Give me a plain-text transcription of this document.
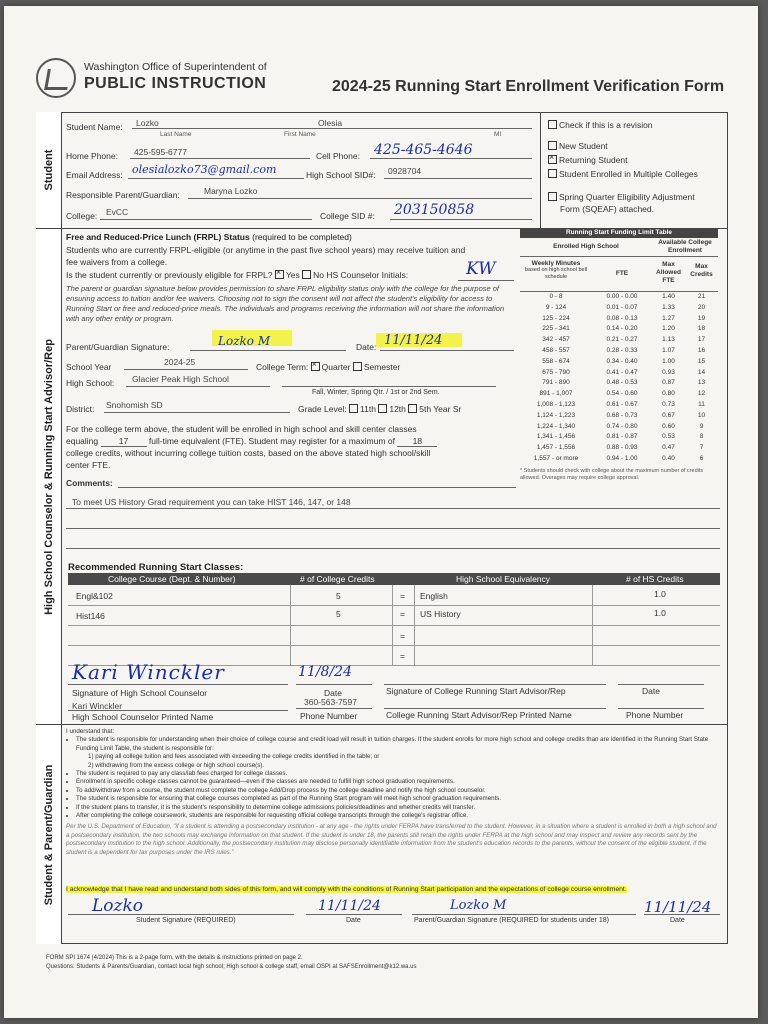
Washington Office of Superintendent of
PUBLIC INSTRUCTION	2024-25 Running Start Enrollment Verification Form
Student
High School Counselor & Running Start Advisor/Rep
Student & Parent/Guardian
Student Name: Lozko	Olesia
Last Name	First Name	MI
Home Phone: 425-595-6777	Cell Phone: 425-465-4646
Email Address: olesialozko73@gmail.com	High School SID#: 0928704
Responsible Parent/Guardian:	Maryna Lozko
College: EvCC	College SID #: 203150858
Check if this is a revision
New Student
×Returning Student
Student Enrolled in Multiple Colleges
Spring Quarter Eligibility Adjustment
Form (SQEAF) attached.
Free and Reduced-Price Lunch (FRPL) Status (required to be completed)
Students who are currently FRPL-eligible (or anytime in the past five school years) may receive tuition and
fee waivers from a college.
Is the student currently or previously eligible for FRPL? × Yes No HS Counselor Initials:	KW
The parent or guardian signature below provides permission to share FRPL eligibility status only with the college for the purpose of ensuring access to tuition and/or fee waivers. Choosing not to sign the consent will not affect the student's eligibility for access to Running Start or free and reduced-price meals. The individuals and programs receiving the information will not share the information with any other entity or program.
Parent/Guardian Signature:	Lozko M	Date: 11/11/24
School Year	2024-25	College Term: × Quarter Semester
High School: Glacier Peak High School
Fall, Winter, Spring Qtr. / 1st or 2nd Sem.
District: Snohomish SD	Grade Level: 11th 12th 5th Year Sr
For the college term above, the student will be enrolled in high school and skill center classes
equaling 17 full-time equivalent (FTE). Student may register for a maximum of 18
college credits, without incurring college tuition costs, based on the above stated high school/skill
center FTE.
Comments:
To meet US History Grad requirement you can take HIST 146, 147, or 148
Running Start Funding Limit Table
Enrolled High School
Available College Enrollment
Weekly Minutes
based on high school bell schedule	FTE
Max Allowed FTE
Max Credits
0 - 8	0.00 - 0.00	1.40	21
9 - 124	0.01 - 0.07	1.33	20
125 - 224	0.08 - 0.13	1.27	19
225 - 341	0.14 - 0.20	1.20	18
342 - 457	0.21 - 0.27	1.13	17
458 - 557	0.28 - 0.33	1.07	16
558 - 674	0.34 - 0.40	1.00	15
675 - 790	0.41 - 0.47	0.93	14
791 - 890	0.48 - 0.53	0.87	13
891 - 1,007	0.54 - 0.60	0.80	12
1,008 - 1,123	0.61 - 0.67	0.73	11
1,124 - 1,223	0.68 - 0.73	0.67	10
1,224 - 1,340	0.74 - 0.80	0.60	9
1,341 - 1,456	0.81 - 0.87	0.53	8
1,457 - 1,556	0.88 - 0.93	0.47	7
1,557 - or more	0.94 - 1.00	0.40	6
* Students should check with college about the maximum number of credits allowed. Overages may require college approval.
Recommended Running Start Classes:
College Course (Dept. & Number)	# of College Credits	High School Equivalency	# of HS Credits
Engl&102	5	= English	1.0
Hist146	5	= US History	1.0
=
=
Kari Winckler	11/8/24
Signature of High School Counselor	Date	Signature of College Running Start Advisor/Rep	Date
Kari Winckler	360-563-7597
High School Counselor Printed Name	Phone Number	College Running Start Advisor/Rep Printed Name	Phone Number
I understand that:
• The student is responsible for understanding when their choice of college course and credit load will result in tuition charges. If the student enrolls for more high school and college credits than are identified in the Running Start State Funding Limit Table, the student is responsible for:
1) paying all college tuition and fees associated with exceeding the college credits identified in the table; or
2) withdrawing from the excess college or high school course(s).
• The student is required to pay any class/lab fees charged for college classes.
• Enrollment in specific college classes cannot be guaranteed—even if the classes are needed to fulfill high school graduation requirements.
• To add/withdraw from a course, the student must complete the college Add/Drop process by the college deadline and notify the high school counselor.
• The student is responsible for ensuring that college courses completed as part of the Running Start program will meet high school graduation requirements.
• If the student plans to transfer, it is the student's responsibility to determine college admissions policies/deadlines and whether credits will transfer.
• After completing the college coursework, students are responsible for requesting official college transcripts through the college's registrar office.
Per the U.S. Department of Education, "if a student is attending a postsecondary institution - at any age - the rights under FERPA have transferred to the student. However, in a situation where a student is enrolled in both a high school and a postsecondary institution, the two schools may exchange information on that student. If the student is under 18, the parents still retain the rights under FERPA at the high school and may inspect and review any records sent by the postsecondary institution to the high school. Additionally, the postsecondary institution may disclose personally identifiable information from the student's education records to the parents, without the consent of the eligible student, if the student is a dependent for tax purposes under the IRS rules."
I acknowledge that I have read and understand both sides of this form, and will comply with the conditions of Running Start participation and the expectations of college course enrollment.
Lozko	11/11/24	Lozko M	11/11/24
Student Signature (REQUIRED)	Date	Parent/Guardian Signature (REQUIRED for students under 18)	Date
FORM SPI 1674 (4/2024) This is a 2-page form, with the details & instructions printed on page 2.
Questions: Students & Parents/Guardian, contact local high school; High school & college staff, email OSPI at SAFSEnrollment@k12.wa.us
